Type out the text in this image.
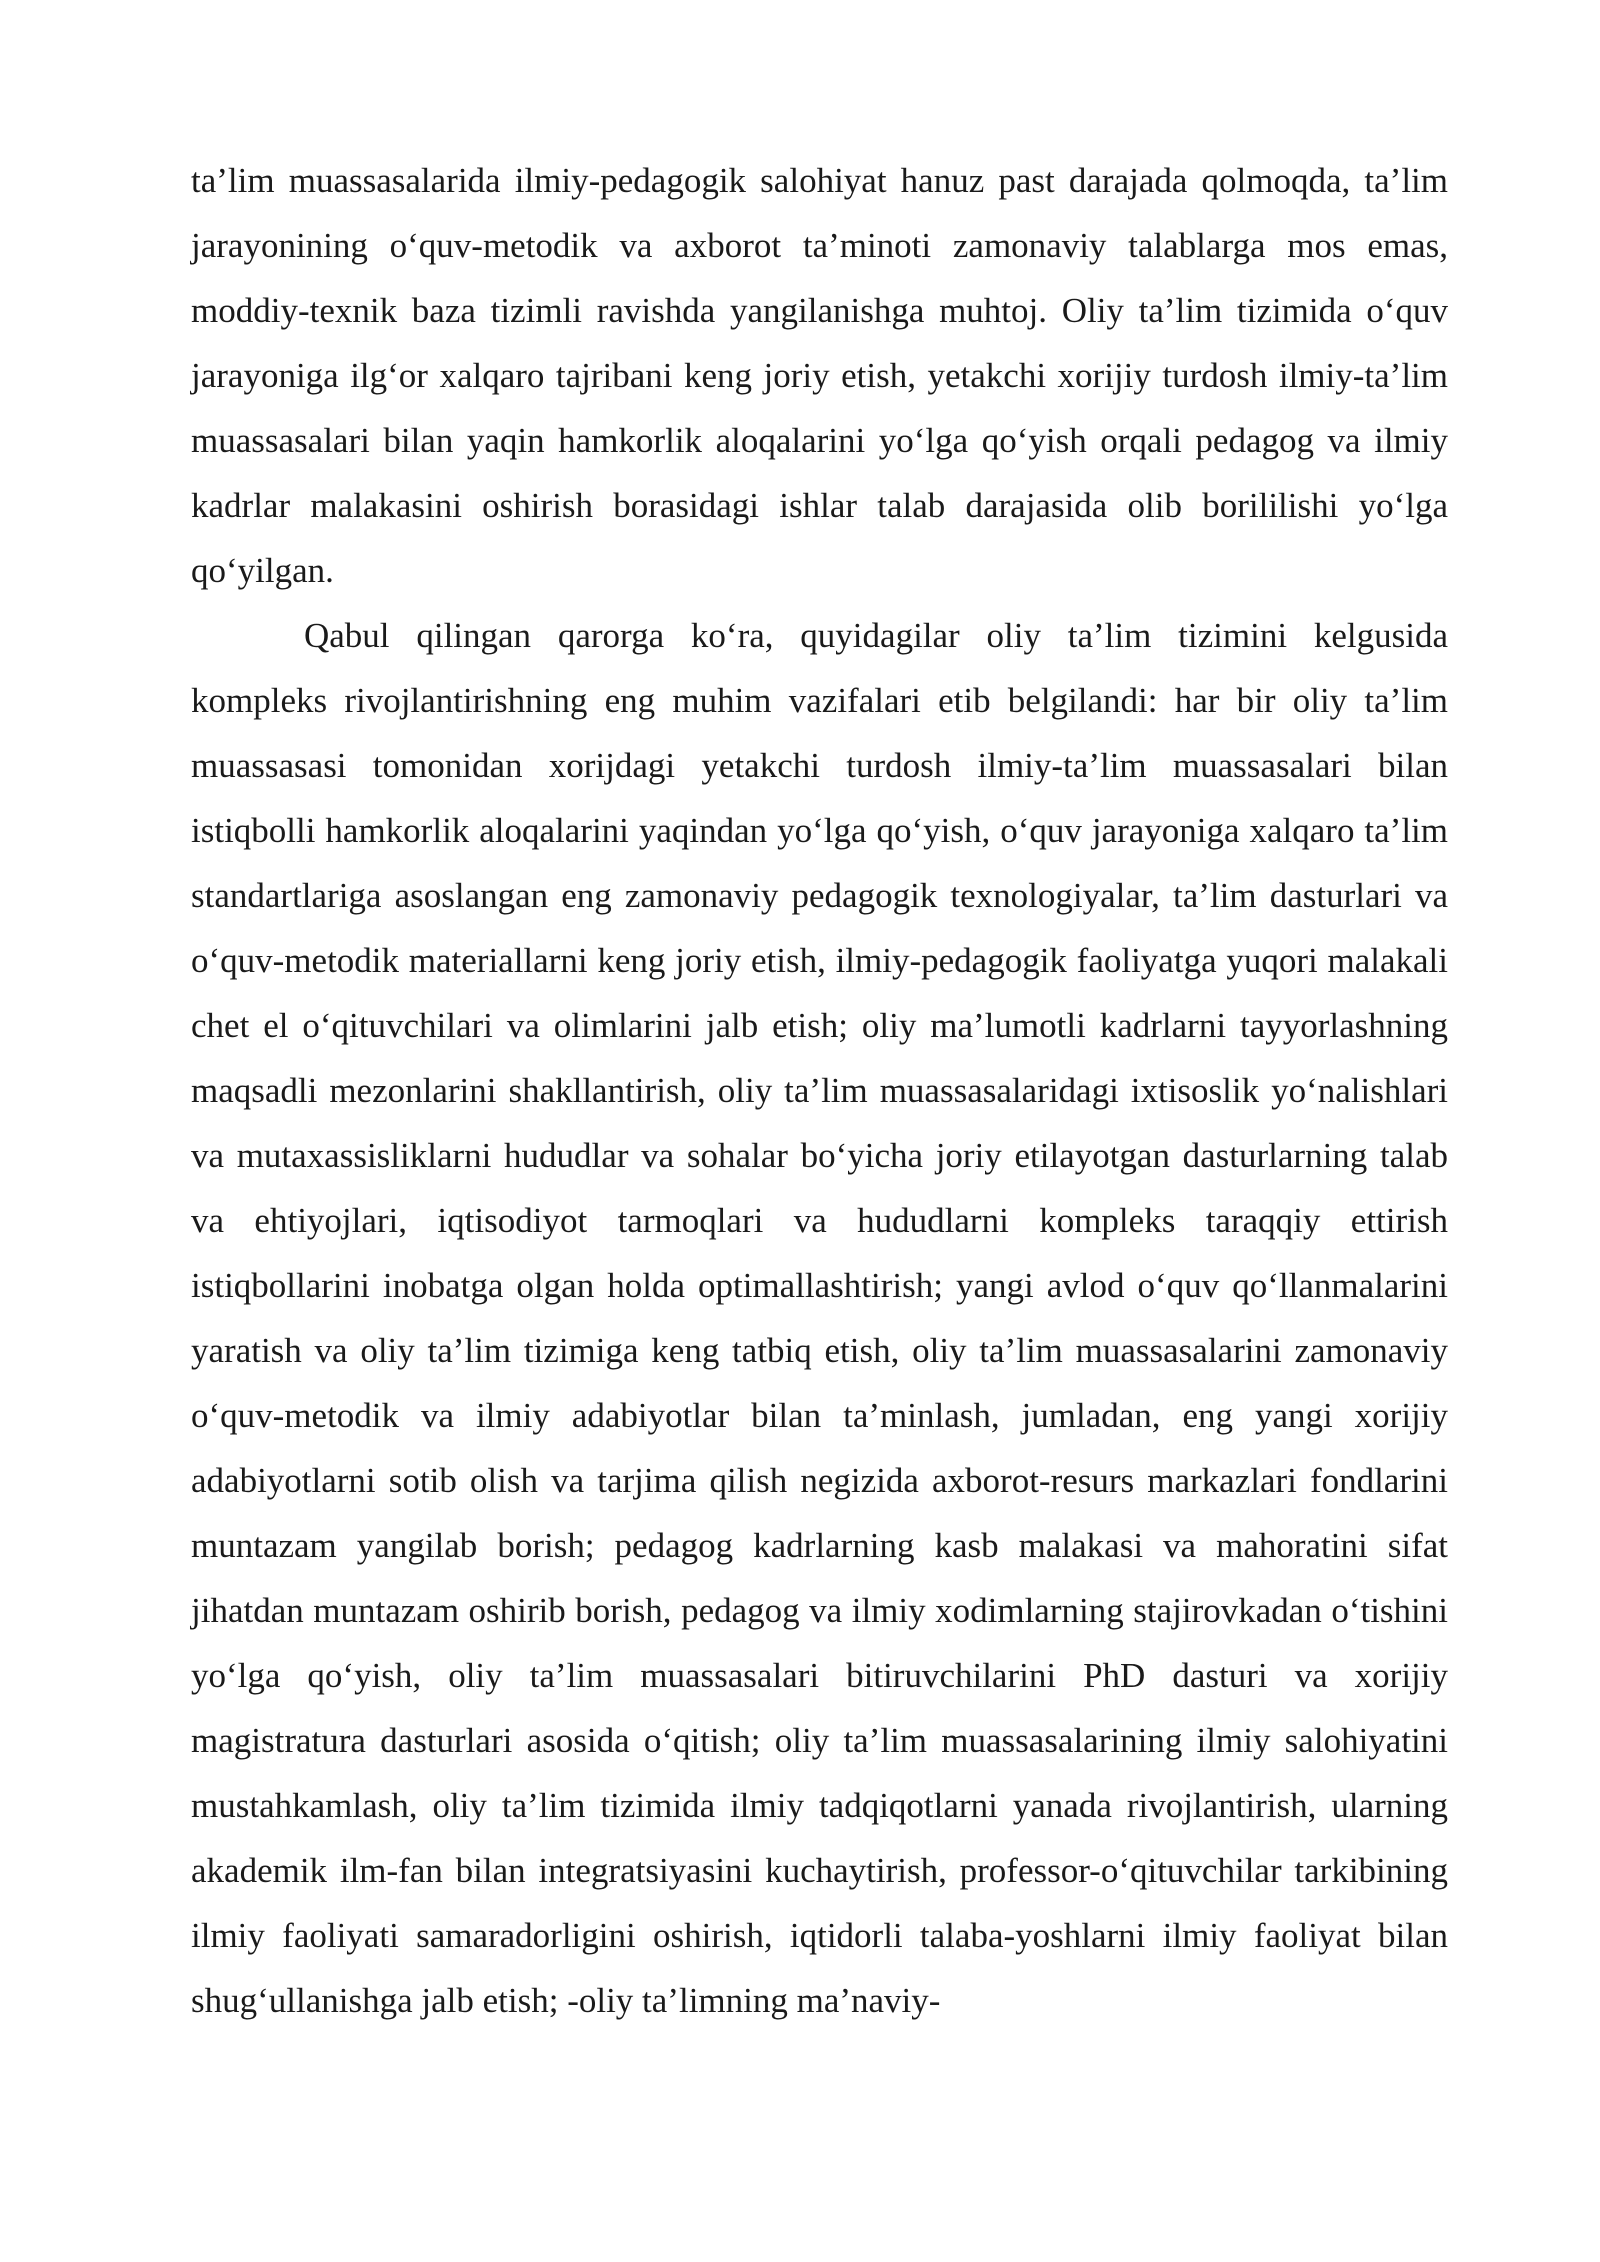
ta’lim muassasalarida ilmiy-pedagogik salohiyat hanuz past darajada qolmoqda, ta’lim jarayonining o‘quv-metodik va axborot ta’minoti zamonaviy talablarga mos emas, moddiy-texnik baza tizimli ravishda yangilanishga muhtoj. Oliy ta’lim tizimida o‘quv jarayoniga ilg‘or xalqaro tajribani keng joriy etish, yetakchi xorijiy turdosh ilmiy-ta’lim muassasalari bilan yaqin hamkorlik aloqalarini yo‘lga qo‘yish orqali pedagog va ilmiy kadrlar malakasini oshirish borasidagi ishlar talab darajasida olib borililishi yo‘lga qo‘yilgan.

Qabul qilingan qarorga ko‘ra, quyidagilar oliy ta’lim tizimini kelgusida kompleks rivojlantirishning eng muhim vazifalari etib belgilandi: har bir oliy ta’lim muassasasi tomonidan xorijdagi yetakchi turdosh ilmiy-ta’lim muassasalari bilan istiqbolli hamkorlik aloqalarini yaqindan yo‘lga qo‘yish, o‘quv jarayoniga xalqaro ta’lim standartlariga asoslangan eng zamonaviy pedagogik texnologiyalar, ta’lim dasturlari va o‘quv-metodik materiallarni keng joriy etish, ilmiy-pedagogik faoliyatga yuqori malakali chet el o‘qituvchilari va olimlarini jalb etish; oliy ma’lumotli kadrlarni tayyorlashning maqsadli mezonlarini shakllantirish, oliy ta’lim muassasalaridagi ixtisoslik yo‘nalishlari va mutaxassisliklarni hududlar va sohalar bo‘yicha joriy etilayotgan dasturlarning talab va ehtiyojlari, iqtisodiyot tarmoqlari va hududlarni kompleks taraqqiy ettirish istiqbollarini inobatga olgan holda optimallashtirish; yangi avlod o‘quv qo‘llanmalarini yaratish va oliy ta’lim tizimiga keng tatbiq etish, oliy ta’lim muassasalarini zamonaviy o‘quv-metodik va ilmiy adabiyotlar bilan ta’minlash, jumladan, eng yangi xorijiy adabiyotlarni sotib olish va tarjima qilish negizida axborot-resurs markazlari fondlarini muntazam yangilab borish; pedagog kadrlarning kasb malakasi va mahoratini sifat jihatdan muntazam oshirib borish, pedagog va ilmiy xodimlarning stajirovkadan o‘tishini yo‘lga qo‘yish, oliy ta’lim muassasalari bitiruvchilarini PhD dasturi va xorijiy magistratura dasturlari asosida o‘qitish; oliy ta’lim muassasalarining ilmiy salohiyatini mustahkamlash, oliy ta’lim tizimida ilmiy tadqiqotlarni yanada rivojlantirish, ularning akademik ilm-fan bilan integratsiyasini kuchaytirish, professor-o‘qituvchilar tarkibining ilmiy faoliyati samaradorligini oshirish, iqtidorli talaba-yoshlarni ilmiy faoliyat bilan shug‘ullanishga jalb etish; -oliy ta’limning ma’naviy-
